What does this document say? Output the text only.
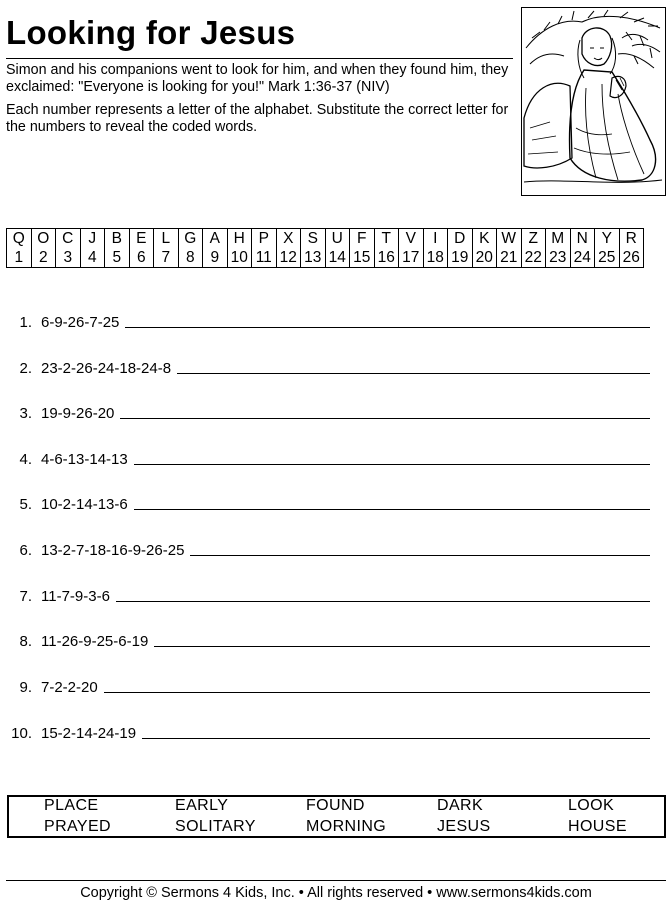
Looking for Jesus

Simon and his companions went to look for him, and when they found him, they exclaimed: "Everyone is looking for you!" Mark 1:36-37 (NIV)

Each number represents a letter of the alphabet. Substitute the correct letter for the numbers to reveal the coded words.

Q	O	C	J	B	E	L	G	A	H	P	X	S	U	F	T	V	I	D	K	W	Z	M	N	Y	R
1	2	3	4	5	6	7	8	9	10	11	12	13	14	15	16	17	18	19	20	21	22	23	24	25	26
1. 6-9-26-7-25
2. 23-2-26-24-18-24-8
3. 19-9-26-20
4. 4-6-13-14-13
5. 10-2-14-13-6
6. 13-2-7-18-16-9-26-25
7. 11-7-9-3-6
8. 11-26-9-25-6-19
9. 7-2-2-20
10. 15-2-14-24-19
PLACE
PRAYED
EARLY
SOLITARY
FOUND
MORNING
DARK
JESUS
LOOK
HOUSE
Copyright © Sermons 4 Kids, Inc. • All rights reserved • www.sermons4kids.com
